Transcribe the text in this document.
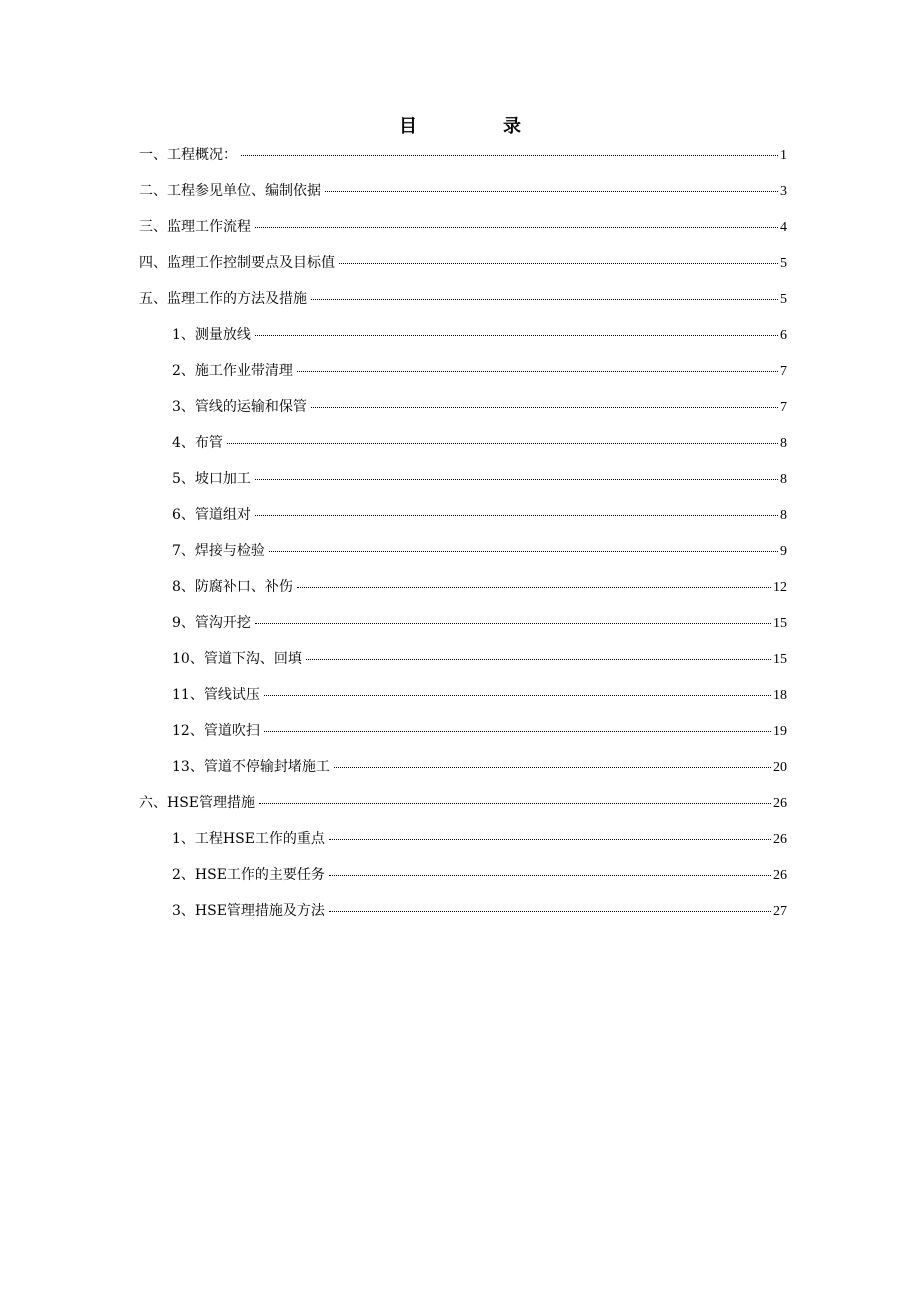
目　录
一、工程概况：	1
二、工程参见单位、编制依据	3
三、监理工作流程	4
四、监理工作控制要点及目标值	5
五、监理工作的方法及措施	5
1、测量放线	6
2、施工作业带清理	7
3、管线的运输和保管	7
4、布管	8
5、坡口加工	8
6、管道组对	8
7、焊接与检验	9
8、防腐补口、补伤	12
9、管沟开挖	15
10、管道下沟、回填	15
11、管线试压	18
12、管道吹扫	19
13、管道不停输封堵施工	20
六、HSE管理措施	26
1、工程HSE工作的重点	26
2、HSE工作的主要任务	26
3、HSE管理措施及方法	27
